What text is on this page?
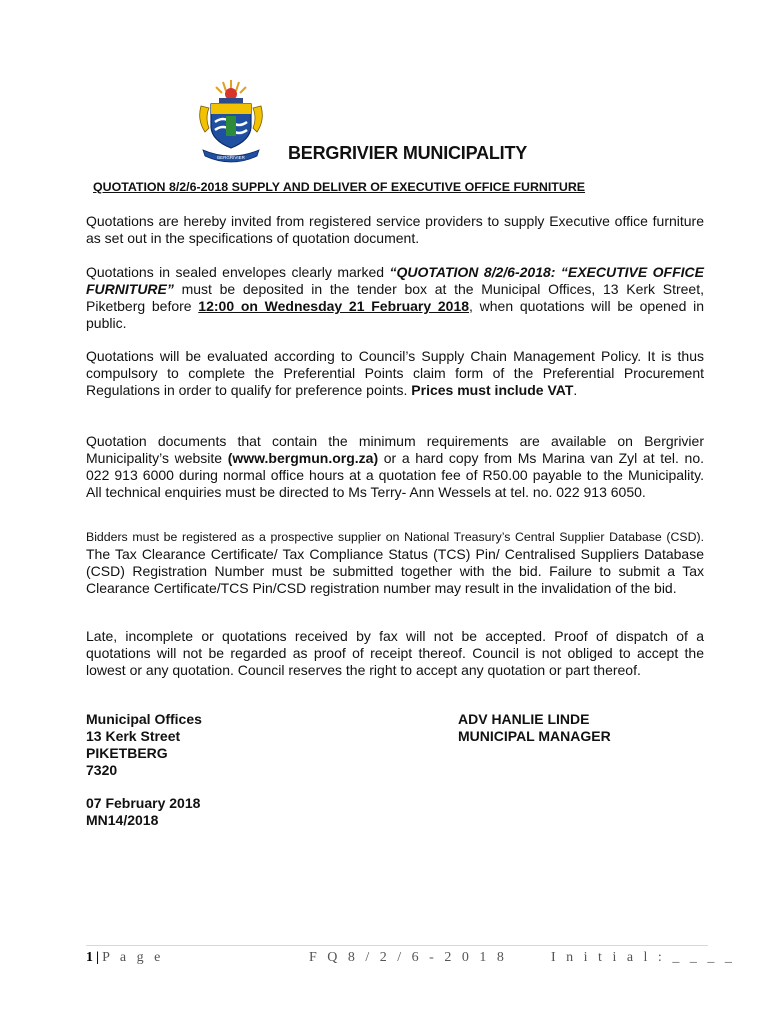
BERGRIVIER BERGRIVIER MUNICIPALITY
QUOTATION 8/2/6-2018 SUPPLY AND DELIVER OF EXECUTIVE OFFICE FURNITURE
Quotations are hereby invited from registered service providers to supply Executive office furniture as set out in the specifications of quotation document.
Quotations in sealed envelopes clearly marked “QUOTATION 8/2/6-2018: “EXECUTIVE OFFICE FURNITURE” must be deposited in the tender box at the Municipal Offices, 13 Kerk Street, Piketberg before 12:00 on Wednesday 21 February 2018, when quotations will be opened in public.
Quotations will be evaluated according to Council’s Supply Chain Management Policy. It is thus compulsory to complete the Preferential Points claim form of the Preferential Procurement Regulations in order to qualify for preference points. Prices must include VAT.
Quotation documents that contain the minimum requirements are available on Bergrivier Municipality’s website (www.bergmun.org.za) or a hard copy from Ms Marina van Zyl at tel. no. 022 913 6000 during normal office hours at a quotation fee of R50.00 payable to the Municipality. All technical enquiries must be directed to Ms Terry- Ann Wessels at tel. no. 022 913 6050.
Bidders must be registered as a prospective supplier on National Treasury’s Central Supplier Database (CSD). The Tax Clearance Certificate/ Tax Compliance Status (TCS) Pin/ Centralised Suppliers Database (CSD) Registration Number must be submitted together with the bid. Failure to submit a Tax Clearance Certificate/TCS Pin/CSD registration number may result in the invalidation of the bid.
Late, incomplete or quotations received by fax will not be accepted. Proof of dispatch of a quotations will not be regarded as proof of receipt thereof. Council is not obliged to accept the lowest or any quotation. Council reserves the right to accept any quotation or part thereof.
Municipal Offices
13 Kerk Street
PIKETBERG
7320
07 February 2018
MN14/2018
ADV HANLIE LINDE
MUNICIPAL MANAGER
1 | P a g e	F Q 8 / 2 / 6 - 2 0 1 8	I n i t i a l : _ _ _ _
